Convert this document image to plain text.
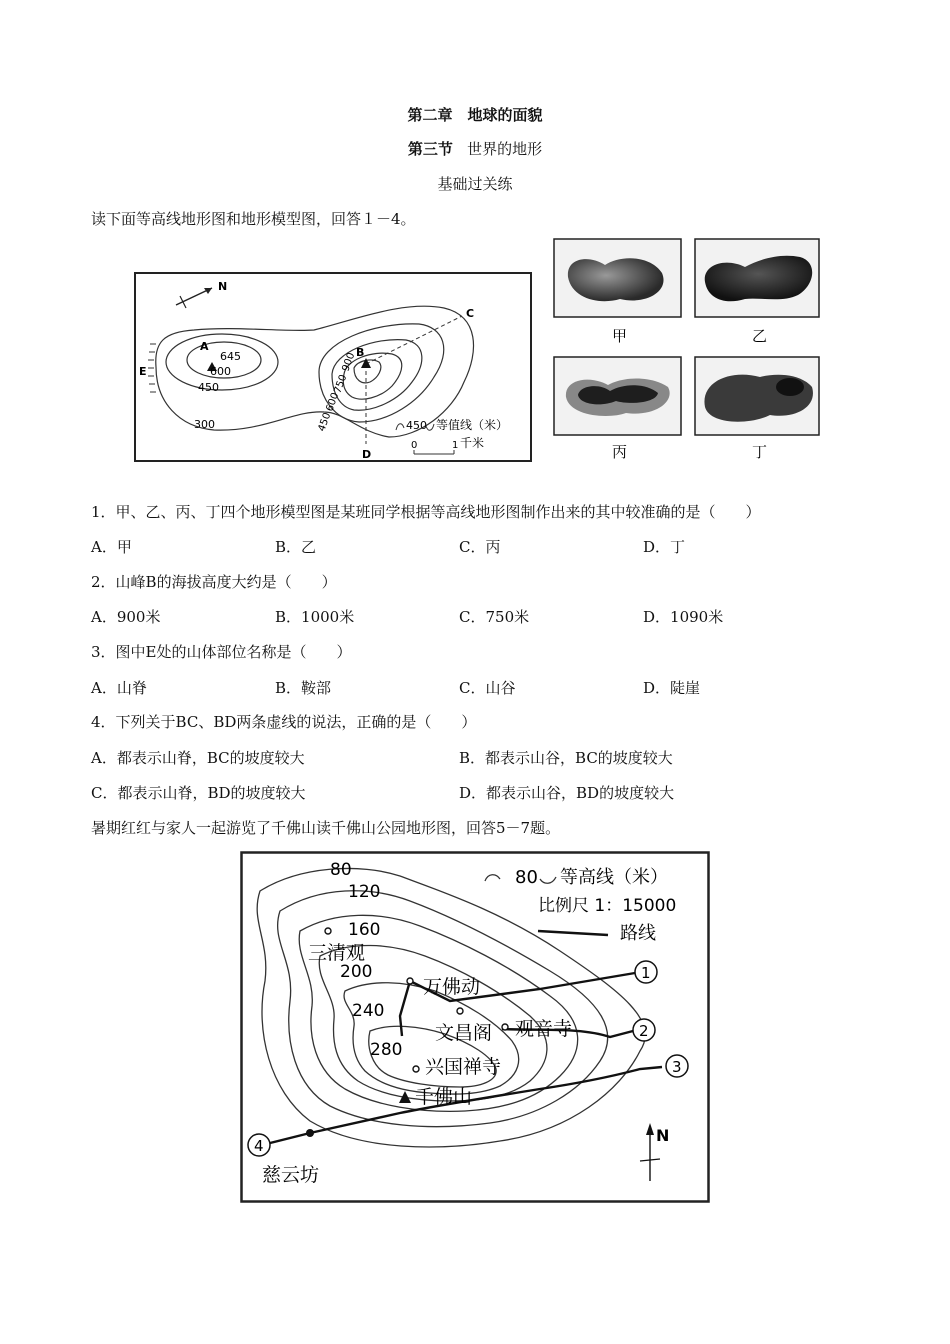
第二章　地球的面貌
第三节 世界的地形
基础过关练
读下面等高线地形图和地形模型图，回答１－4。
N
A
645
600
450
300
E
B
900
750
600
450
C
D
450 等值线（米）
0	1 千米
甲	乙
丙	丁
1．甲、乙、丙、丁四个地形模型图是某班同学根据等高线地形图制作出来的其中较准确的是（　　）
A．甲	B．乙	C．丙	D．丁
2．山峰B的海拔高度大约是（　　）
A．900米	B．1000米	C．750米	D．1090米
3．图中E处的山体部位名称是（　　）
A．山脊	B．鞍部	C．山谷	D．陡崖
4．下列关于BC、BD两条虚线的说法，正确的是（　　）
A．都表示山脊，BC的坡度较大	B．都表示山谷，BC的坡度较大
C．都表示山脊，BD的坡度较大	D．都表示山谷，BD的坡度较大
暑期红红与家人一起游览了千佛山读千佛山公园地形图，回答5－7题。
80 等高线（米）
比例尺 1：15000
路线
80
120
160
200
240
280
三清观
万佛动
文昌阁 观音寺
兴国禅寺
千佛山
慈云坊
1
2
3
4
N
